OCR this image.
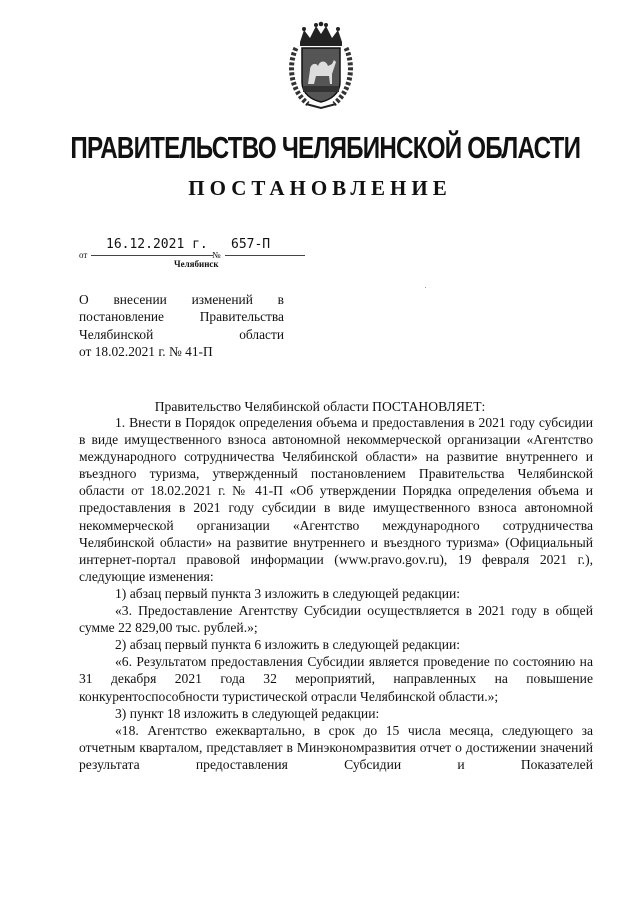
ПРАВИТЕЛЬСТВО ЧЕЛЯБИНСКОЙ ОБЛАСТИ
ПОСТАНОВЛЕНИЕ
от
16.12.2021 г.
№
657-П
Челябинск
О внесении изменений в
постановление Правительства
Челябинской области
от 18.02.2021 г. № 41-П
Правительство Челябинской области ПОСТАНОВЛЯЕТ:

1. Внести в Порядок определения объема и предоставления в 2021 году субсидии в виде имущественного взноса автономной некоммерческой организации «Агентство международного сотрудничества Челябинской области» на развитие внутреннего и въездного туризма, утвержденный постановлением Правительства Челябинской области от 18.02.2021 г. № 41-П «Об утверждении Порядка определения объема и предоставления в 2021 году субсидии в виде имущественного взноса автономной некоммерческой организации «Агентство международного сотрудничества Челябинской области» на развитие внутреннего и въездного туризма» (Официальный интернет-портал правовой информации (www.pravo.gov.ru), 19 февраля 2021 г.), следующие изменения:

1) абзац первый пункта 3 изложить в следующей редакции:

«3. Предоставление Агентству Субсидии осуществляется в 2021 году в общей сумме 22 829,00 тыс. рублей.»;

2) абзац первый пункта 6 изложить в следующей редакции:

«6. Результатом предоставления Субсидии является проведение по состоянию на 31 декабря 2021 года 32 мероприятий, направленных на повышение конкурентоспособности туристической отрасли Челябинской области.»;

3) пункт 18 изложить в следующей редакции:

«18. Агентство ежеквартально, в срок до 15 числа месяца, следующего за отчетным кварталом, представляет в Минэкономразвития отчет о достижении значений результата предоставления Субсидии и Показателей
